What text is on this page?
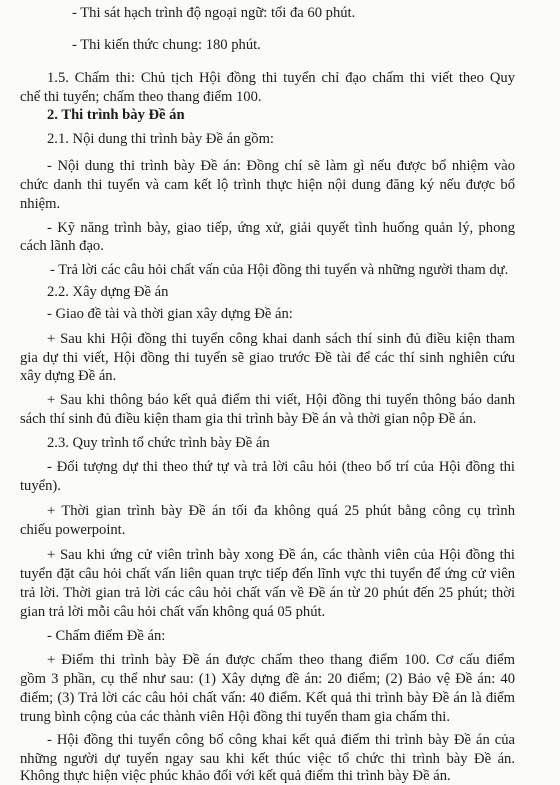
- Thi sát hạch trình độ ngoại ngữ: tối đa 60 phút.
- Thi kiến thức chung: 180 phút.
1.5. Chấm thi: Chủ tịch Hội đồng thi tuyển chỉ đạo chấm thi viết theo Quy
chế thi tuyển; chấm theo thang điểm 100.
2. Thi trình bày Đề án
2.1. Nội dung thi trình bày Đề án gồm:
- Nội dung thi trình bày Đề án: Đồng chí sẽ làm gì nếu được bổ nhiệm vào
chức danh thi tuyển và cam kết lộ trình thực hiện nội dung đăng ký nếu được bổ
nhiệm.
- Kỹ năng trình bày, giao tiếp, ứng xử, giải quyết tình huống quản lý, phong
cách lãnh đạo.
- Trả lời các câu hỏi chất vấn của Hội đồng thi tuyển và những người tham dự.
2.2. Xây dựng Đề án
- Giao đề tài và thời gian xây dựng Đề án:
+ Sau khi Hội đồng thi tuyển công khai danh sách thí sinh đủ điều kiện tham
gia dự thi viết, Hội đồng thi tuyển sẽ giao trước Đề tài để các thí sinh nghiên cứu
xây dựng Đề án.
+ Sau khi thông báo kết quả điểm thi viết, Hội đồng thi tuyển thông báo danh
sách thí sinh đủ điều kiện tham gia thi trình bày Đề án và thời gian nộp Đề án.
2.3. Quy trình tổ chức trình bày Đề án
- Đối tượng dự thi theo thứ tự và trả lời câu hỏi (theo bố trí của Hội đồng thi
tuyển).
+ Thời gian trình bày Đề án tối đa không quá 25 phút bằng công cụ trình
chiếu powerpoint.
+ Sau khi ứng cử viên trình bày xong Đề án, các thành viên của Hội đồng thi
tuyển đặt câu hỏi chất vấn liên quan trực tiếp đến lĩnh vực thi tuyển để ứng cử viên
trả lời. Thời gian trả lời các câu hỏi chất vấn về Đề án từ 20 phút đến 25 phút; thời
gian trả lời mỗi câu hỏi chất vấn không quá 05 phút.
- Chấm điểm Đề án:
+ Điểm thi trình bày Đề án được chấm theo thang điểm 100. Cơ cấu điểm
gồm 3 phần, cụ thể như sau: (1) Xây dựng đề án: 20 điểm; (2) Bảo vệ Đề án: 40
điểm; (3) Trả lời các câu hỏi chất vấn: 40 điểm. Kết quả thi trình bày Đề án là điểm
trung bình cộng của các thành viên Hội đồng thi tuyển tham gia chấm thi.
- Hội đồng thi tuyển công bố công khai kết quả điểm thi trình bày Đề án của
những người dự tuyển ngay sau khi kết thúc việc tổ chức thi trình bày Đề án.
Không thực hiện việc phúc khảo đối với kết quả điểm thi trình bày Đề án.
